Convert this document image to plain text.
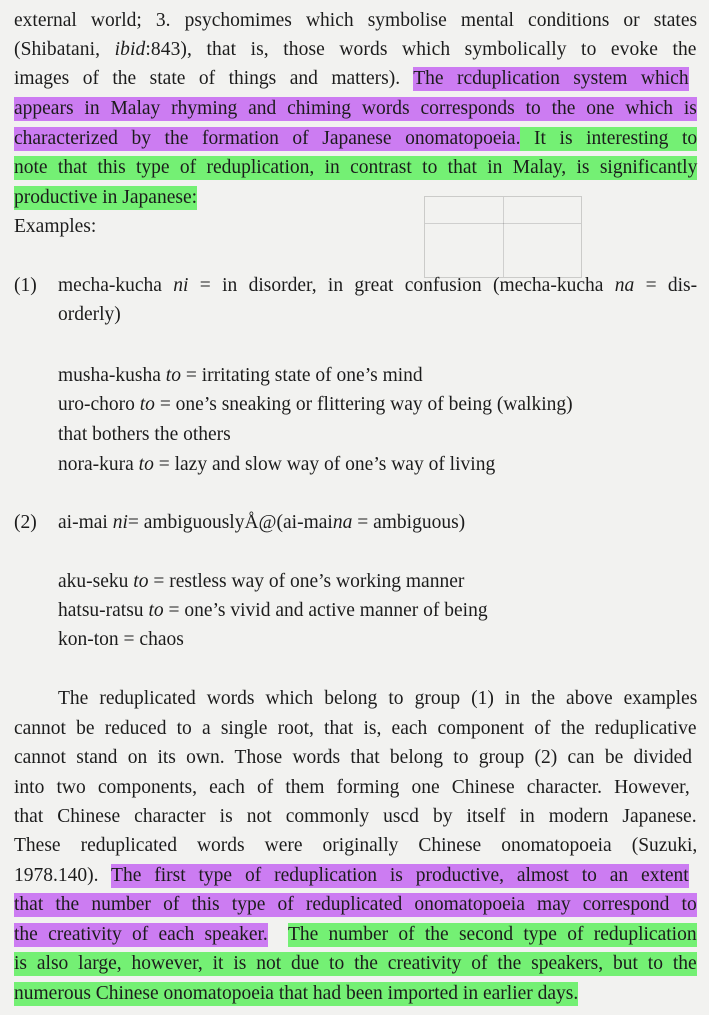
external world; 3. psychomimes which symbolise mental conditions or states
(Shibatani, ibid:843), that is, those words which symbolically to evoke the
images of the state of things and matters). The rcduplication system which
appears in Malay rhyming and chiming words corresponds to the one which is
characterized by the formation of Japanese onomatopoeia. It is interesting to
note that this type of reduplication, in contrast to that in Malay, is significantly
productive in Japanese:
Examples:
(1) mecha-kucha ni = in disorder, in great confusion (mecha-kucha na = dis-
orderly)
musha-kusha to = irritating state of one’s mind
uro-choro to = one’s sneaking or flittering way of being (walking)
that bothers the others
nora-kura to = lazy and slow way of one’s way of living
(2) ai-mai ni= ambiguouslyÅ@(ai-maina = ambiguous)
aku-seku to = restless way of one’s working manner
hatsu-ratsu to = one’s vivid and active manner of being
kon-ton = chaos
The reduplicated words which belong to group (1) in the above examples
cannot be reduced to a single root, that is, each component of the reduplicative
cannot stand on its own. Those words that belong to group (2) can be divided
into two components, each of them forming one Chinese character. However,
that Chinese character is not commonly uscd by itself in modern Japanese.
These reduplicated words were originally Chinese onomatopoeia (Suzuki,
1978.140). The first type of reduplication is productive, almost to an extent
that the number of this type of reduplicated onomatopoeia may correspond to
the creativity of each speaker. The number of the second type of reduplication
is also large, however, it is not due to the creativity of the speakers, but to the
numerous Chinese onomatopoeia that had been imported in earlier days.
